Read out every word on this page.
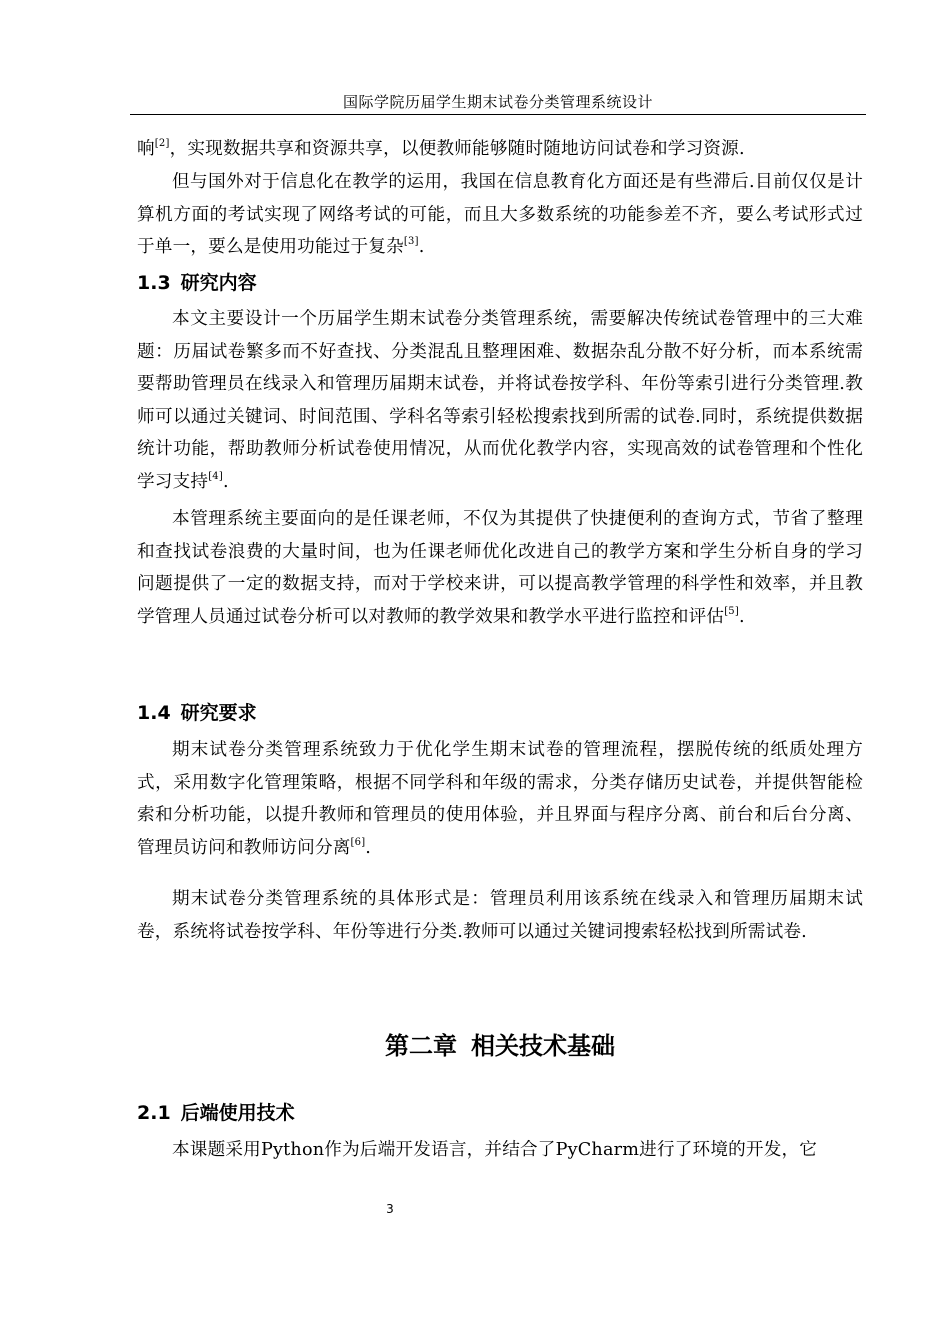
国际学院历届学生期末试卷分类管理系统设计

响[2]，实现数据共享和资源共享，以便教师能够随时随地访问试卷和学习资源.

但与国外对于信息化在教学的运用，我国在信息教育化方面还是有些滞后.目前仅仅是计算机方面的考试实现了网络考试的可能，而且大多数系统的功能参差不齐，要么考试形式过于单一，要么是使用功能过于复杂[3].

1.3 研究内容

本文主要设计一个历届学生期末试卷分类管理系统，需要解决传统试卷管理中的三大难题：历届试卷繁多而不好查找、分类混乱且整理困难、数据杂乱分散不好分析，而本系统需要帮助管理员在线录入和管理历届期末试卷，并将试卷按学科、年份等索引进行分类管理.教师可以通过关键词、时间范围、学科名等索引轻松搜索找到所需的试卷.同时，系统提供数据统计功能，帮助教师分析试卷使用情况，从而优化教学内容，实现高效的试卷管理和个性化学习支持[4].

本管理系统主要面向的是任课老师，不仅为其提供了快捷便利的查询方式，节省了整理和查找试卷浪费的大量时间，也为任课老师优化改进自己的教学方案和学生分析自身的学习问题提供了一定的数据支持，而对于学校来讲，可以提高教学管理的科学性和效率，并且教学管理人员通过试卷分析可以对教师的教学效果和教学水平进行监控和评估[5].

1.4 研究要求

期末试卷分类管理系统致力于优化学生期末试卷的管理流程，摆脱传统的纸质处理方式，采用数字化管理策略，根据不同学科和年级的需求，分类存储历史试卷，并提供智能检索和分析功能，以提升教师和管理员的使用体验，并且界面与程序分离、前台和后台分离、管理员访问和教师访问分离[6].

期末试卷分类管理系统的具体形式是：管理员利用该系统在线录入和管理历届期末试卷，系统将试卷按学科、年份等进行分类.教师可以通过关键词搜索轻松找到所需试卷.

第二章 相关技术基础
2.1 后端使用技术

本课题采用Python作为后端开发语言，并结合了PyCharm进行了环境的开发，它

3
